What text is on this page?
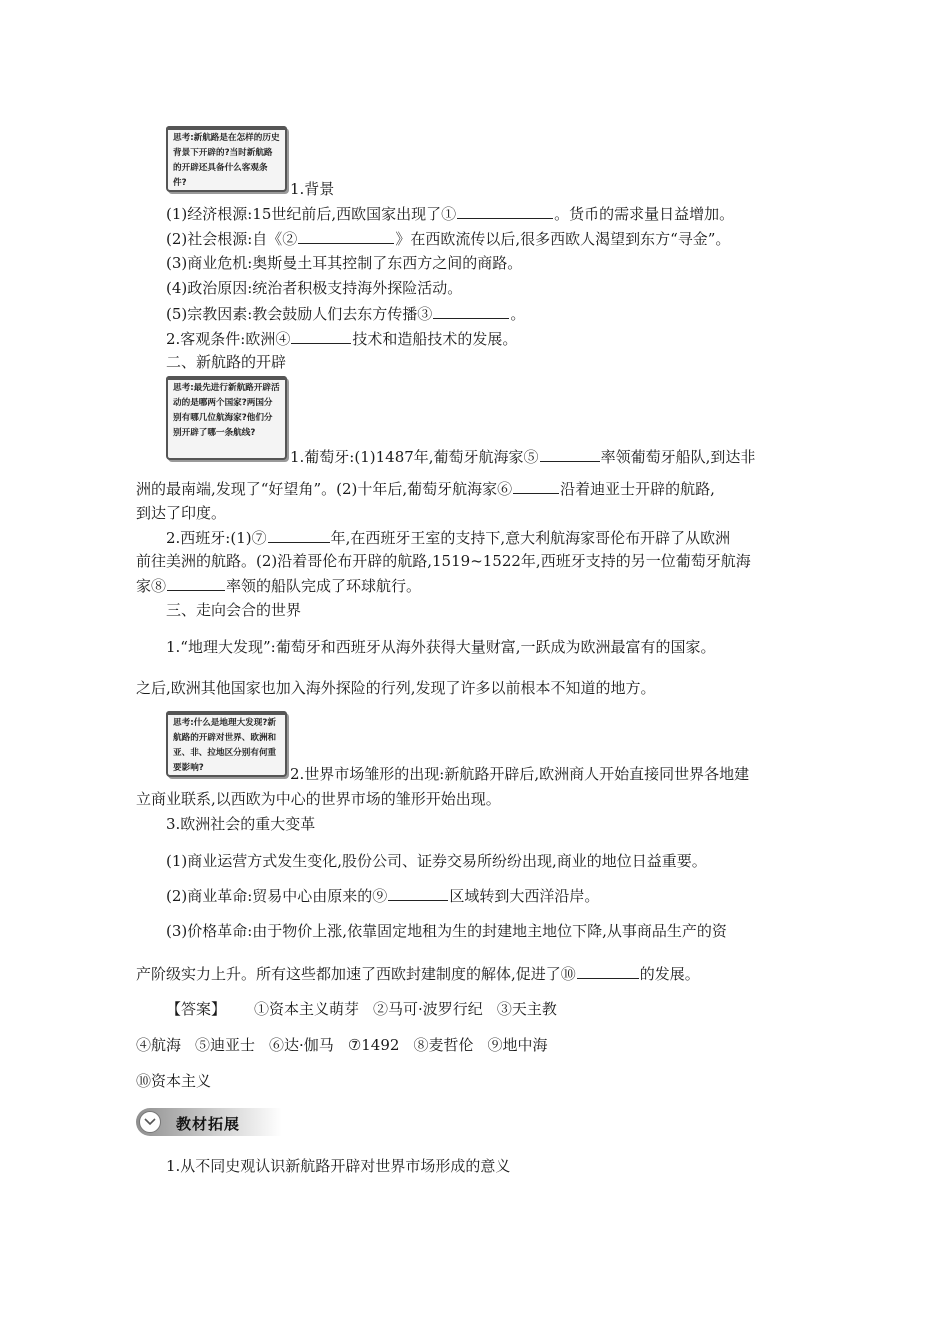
思考:新航路是在怎样的历史背景下开辟的?当时新航路的开辟还具备什么客观条件?	1.背景
(1)经济根源:15世纪前后,西欧国家出现了①	。货币的需求量日益增加。
(2)社会根源:自《②	》在西欧流传以后,很多西欧人渴望到东方“寻金”。
(3)商业危机:奥斯曼土耳其控制了东西方之间的商路。
(4)政治原因:统治者积极支持海外探险活动。
(5)宗教因素:教会鼓励人们去东方传播③	。
2.客观条件:欧洲④	技术和造船技术的发展。
二、新航路的开辟
思考:最先进行新航路开辟活动的是哪两个国家?两国分别有哪几位航海家?他们分别开辟了哪一条航线?
1.葡萄牙:(1)1487年,葡萄牙航海家⑤	率领葡萄牙船队,到达非
洲的最南端,发现了“好望角”。(2)十年后,葡萄牙航海家⑥	沿着迪亚士开辟的航路,
到达了印度。
2.西班牙:(1)⑦	年,在西班牙王室的支持下,意大利航海家哥伦布开辟了从欧洲
前往美洲的航路。(2)沿着哥伦布开辟的航路,1519~1522年,西班牙支持的另一位葡萄牙航海
家⑧	率领的船队完成了环球航行。
三、走向会合的世界
1.“地理大发现”:葡萄牙和西班牙从海外获得大量财富,一跃成为欧洲最富有的国家。
之后,欧洲其他国家也加入海外探险的行列,发现了许多以前根本不知道的地方。
思考:什么是地理大发现?新航路的开辟对世界、欧洲和亚、非、拉地区分别有何重要影响?	2.世界市场雏形的出现:新航路开辟后,欧洲商人开始直接同世界各地建
立商业联系,以西欧为中心的世界市场的雏形开始出现。
3.欧洲社会的重大变革
(1)商业运营方式发生变化,股份公司、证券交易所纷纷出现,商业的地位日益重要。
(2)商业革命:贸易中心由原来的⑨	区域转到大西洋沿岸。
(3)价格革命:由于物价上涨,依靠固定地租为生的封建地主地位下降,从事商品生产的资
产阶级实力上升。所有这些都加速了西欧封建制度的解体,促进了⑩	的发展。
【答案】 ①资本主义萌芽 ②马可·波罗行纪 ③天主教
④航海 ⑤迪亚士 ⑥达·伽马 ⑦1492 ⑧麦哲伦 ⑨地中海
⑩资本主义
教材拓展
1.从不同史观认识新航路开辟对世界市场形成的意义
